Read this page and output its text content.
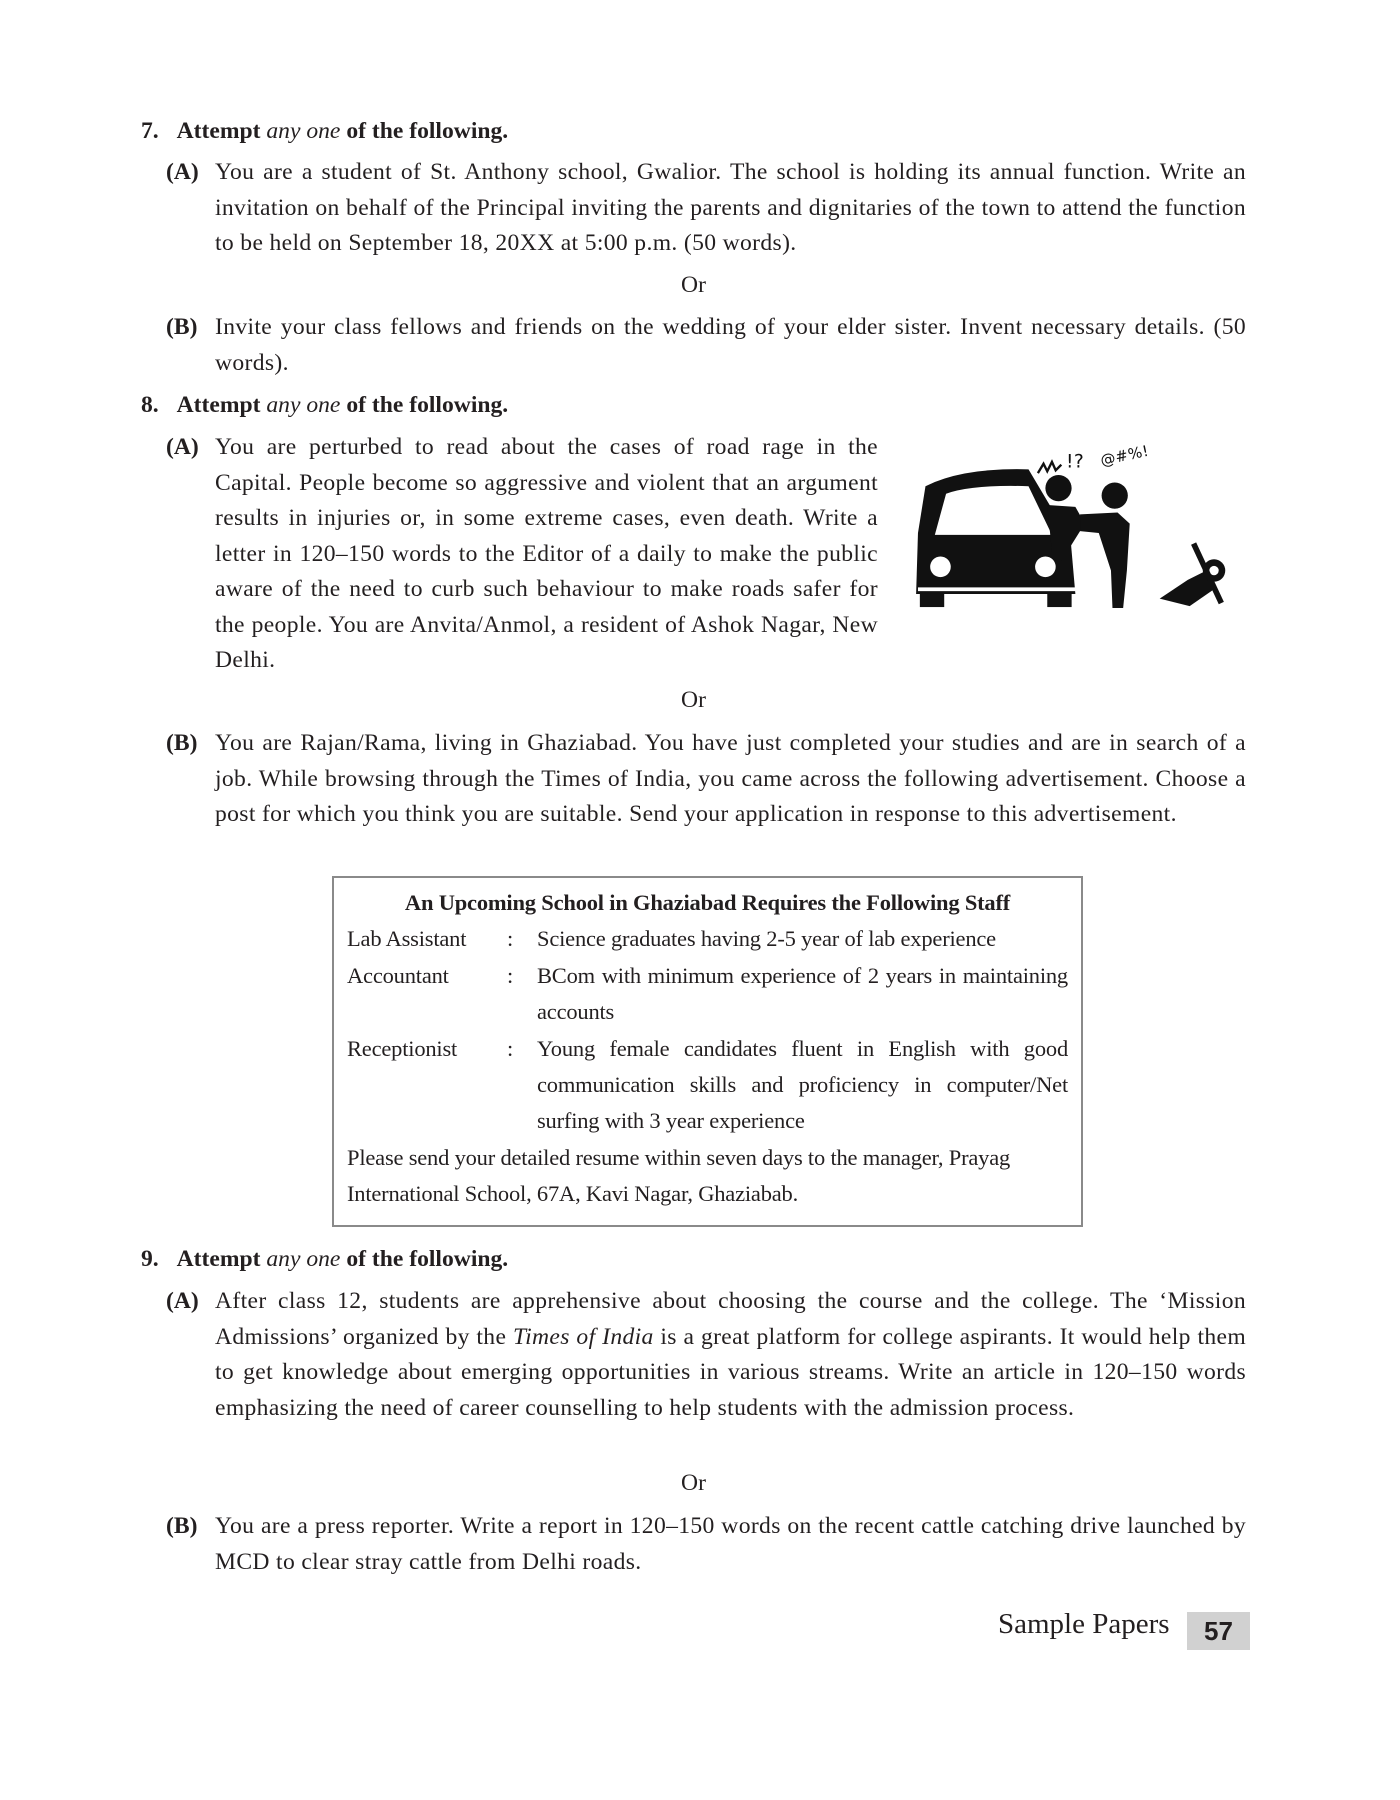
7. Attempt any one of the following.
(A) You are a student of St. Anthony school, Gwalior. The school is holding its annual function. Write an invitation on behalf of the Principal inviting the parents and dignitaries of the town to attend the function to be held on September 18, 20XX at 5:00 p.m. (50 words).
Or
(B) Invite your class fellows and friends on the wedding of your elder sister. Invent necessary details. (50 words).
8. Attempt any one of the following.
(A)
!? @#%!
You are perturbed to read about the cases of road rage in the Capital. People become so aggressive and violent that an argument results in injuries or, in some extreme cases, even death. Write a letter in 120–150 words to the Editor of a daily to make the public aware of the need to curb such behaviour to make roads safer for the people. You are Anvita/Anmol, a resident of Ashok Nagar, New Delhi.
Or
(B) You are Rajan/Rama, living in Ghaziabad. You have just completed your studies and are in search of a job. While browsing through the Times of India, you came across the following advertisement. Choose a post for which you think you are suitable. Send your application in response to this advertisement.
An Upcoming School in Ghaziabad Requires the Following Staff
Lab Assistant	:	Science graduates having 2-5 year of lab experience
Accountant	:	BCom with minimum experience of 2 years in maintaining accounts
Receptionist	:	Young female candidates fluent in English with good communication skills and proficiency in computer/Net surfing with 3 year experience
Please send your detailed resume within seven days to the manager, Prayag International School, 67A, Kavi Nagar, Ghaziabab.
9. Attempt any one of the following.
(A) After class 12, students are apprehensive about choosing the course and the college. The ‘Mission Admissions’ organized by the Times of India is a great platform for college aspirants. It would help them to get knowledge about emerging opportunities in various streams. Write an article in 120–150 words emphasizing the need of career counselling to help students with the admission process.
Or
(B) You are a press reporter. Write a report in 120–150 words on the recent cattle catching drive launched by MCD to clear stray cattle from Delhi roads.
Sample Papers	57
